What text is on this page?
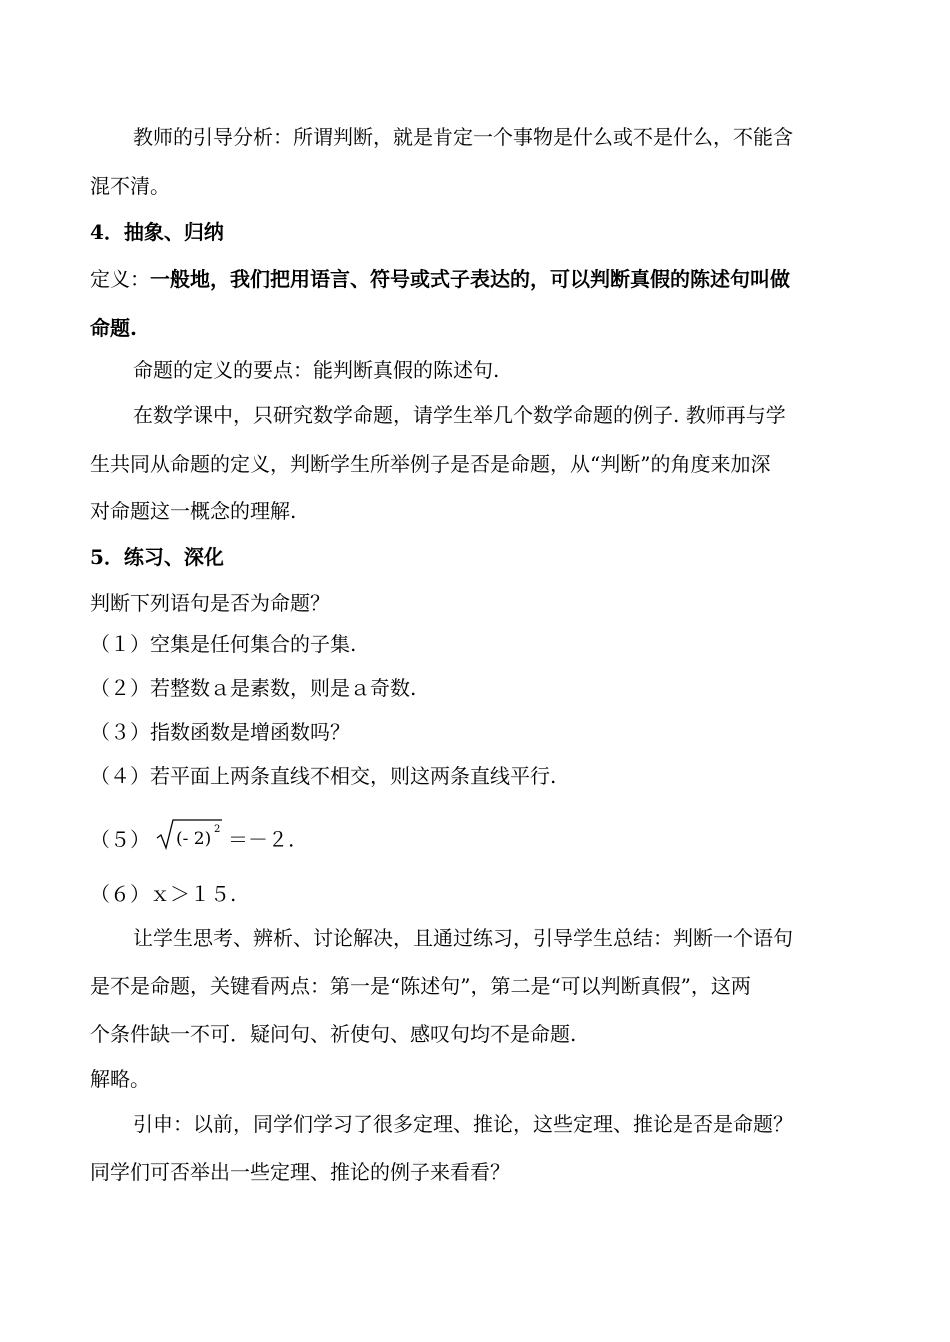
教师的引导分析：所谓判断，就是肯定一个事物是什么或不是什么，不能含
混不清。
4．抽象、归纳
定义：一般地，我们把用语言、符号或式子表达的，可以判断真假的陈述句叫做
命题.
命题的定义的要点：能判断真假的陈述句.
在数学课中，只研究数学命题，请学生举几个数学命题的例子. 教师再与学
生共同从命题的定义，判断学生所举例子是否是命题，从“判断”的角度来加深
对命题这一概念的理解.
5．练习、深化
判断下列语句是否为命题？
（１）空集是任何集合的子集.
（２）若整数ａ是素数，则是ａ奇数.
（３）指数函数是增函数吗？
（４）若平面上两条直线不相交，则这两条直线平行.
（５） (- 2) 2 ＝－２.
（６）ｘ＞１５.
让学生思考、辨析、讨论解决，且通过练习，引导学生总结：判断一个语句
是不是命题，关键看两点：第一是“陈述句”，第二是“可以判断真假”，这两
个条件缺一不可．疑问句、祈使句、感叹句均不是命题.
解略。
引申：以前，同学们学习了很多定理、推论，这些定理、推论是否是命题？
同学们可否举出一些定理、推论的例子来看看？
